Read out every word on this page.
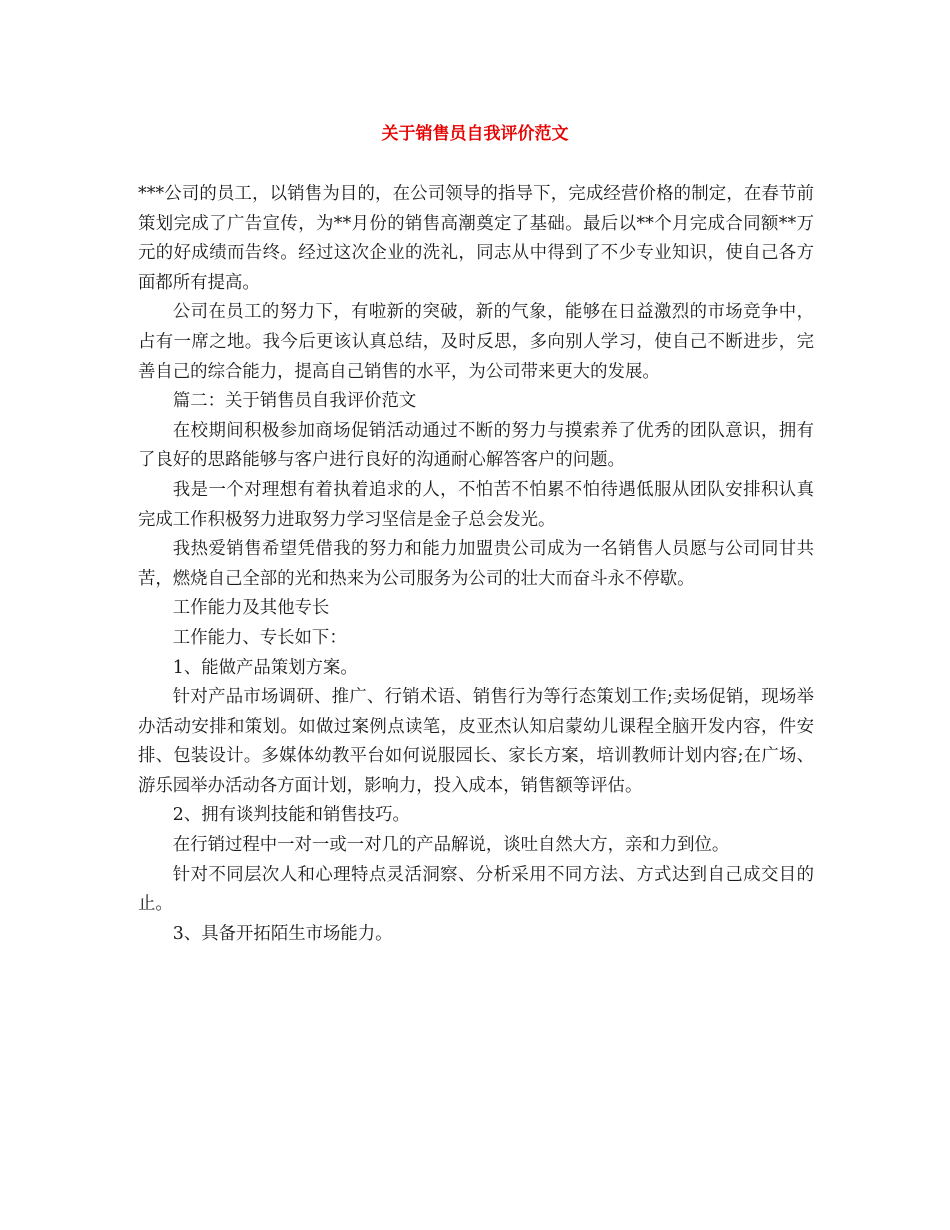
关于销售员自我评价范文

***公司的员工，以销售为目的，在公司领导的指导下，完成经营价格的制定，在春节前策划完成了广告宣传，为**月份的销售高潮奠定了基础。最后以**个月完成合同额**万元的好成绩而告终。经过这次企业的洗礼，同志从中得到了不少专业知识，使自己各方面都所有提高。

公司在员工的努力下，有啦新的突破，新的气象，能够在日益激烈的市场竞争中，占有一席之地。我今后更该认真总结，及时反思，多向别人学习，使自己不断进步，完善自己的综合能力，提高自己销售的水平，为公司带来更大的发展。

篇二：关于销售员自我评价范文

在校期间积极参加商场促销活动通过不断的努力与摸索养了优秀的团队意识，拥有了良好的思路能够与客户进行良好的沟通耐心解答客户的问题。

我是一个对理想有着执着追求的人，不怕苦不怕累不怕待遇低服从团队安排积认真完成工作积极努力进取努力学习坚信是金子总会发光。

我热爱销售希望凭借我的努力和能力加盟贵公司成为一名销售人员愿与公司同甘共苦，燃烧自己全部的光和热来为公司服务为公司的壮大而奋斗永不停歇。

工作能力及其他专长

工作能力、专长如下：

1、能做产品策划方案。

针对产品市场调研、推广、行销术语、销售行为等行态策划工作;卖场促销，现场举办活动安排和策划。如做过案例点读笔，皮亚杰认知启蒙幼儿课程全脑开发内容，件安排、包装设计。多媒体幼教平台如何说服园长、家长方案，培训教师计划内容;在广场、游乐园举办活动各方面计划，影响力，投入成本，销售额等评估。

2、拥有谈判技能和销售技巧。

在行销过程中一对一或一对几的产品解说，谈吐自然大方，亲和力到位。

针对不同层次人和心理特点灵活洞察、分析采用不同方法、方式达到自己成交目的止。

3、具备开拓陌生市场能力。
